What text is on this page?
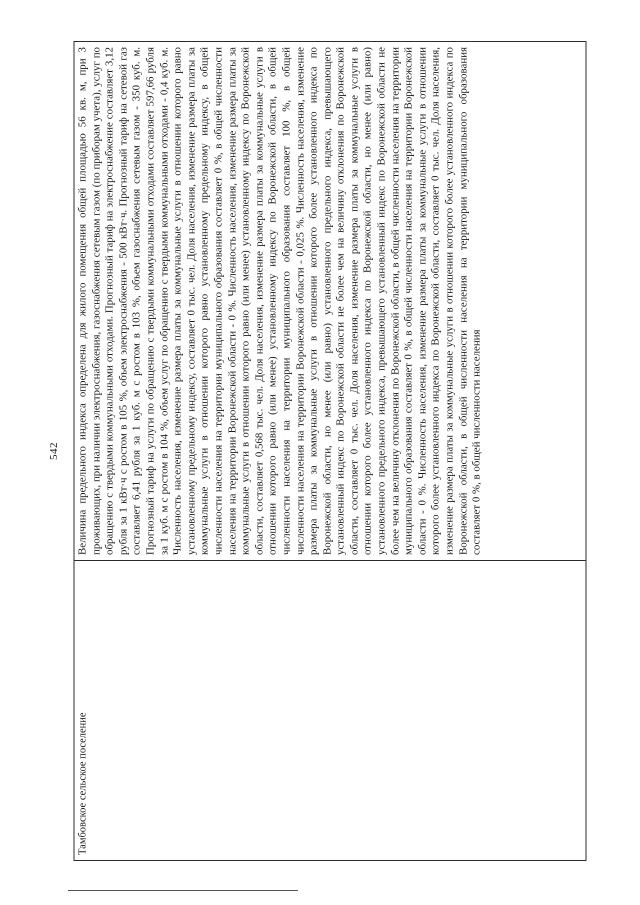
542
Тамбовское сельское поселение
Величина предельного индекса определена для жилого помещения общей площадью 56 кв. м, при 3 проживающих, при наличии электроснабжения, газоснабжения сетевым газом (по приборам учета), услуг по обращению с твердыми коммунальными отходами. Прогнозный тариф на электроснабжение составляет 3,12 рубля за 1 кВт·ч с ростом в 105 %, объем электроснабжения - 500 кВт·ч. Прогнозный тариф на сетевой газ составляет 6,41 рубля за 1 куб. м с ростом в 103 %, объем газоснабжения сетевым газом - 350 куб. м. Прогнозный тариф на услуги по обращению с твердыми коммунальными отходами составляет 597,66 рубля за 1 куб. м с ростом в 104 %, объем услуг по обращению с твердыми коммунальными отходами - 0,4 куб. м. Численность населения, изменение размера платы за коммунальные услуги в отношении которого равно установленному предельному индексу, составляет 0 тыс. чел. Доля населения, изменение размера платы за коммунальные услуги в отношении которого равно установленному предельному индексу, в общей численности населения на территории муниципального образования составляет 0 %, в общей численности населения на территории Воронежской области - 0 %. Численность населения, изменение размера платы за коммунальные услуги в отношении которого равно (или менее) установленному индексу по Воронежской области, составляет 0,568 тыс. чел. Доля населения, изменение размера платы за коммунальные услуги в отношении которого равно (или менее) установленному индексу по Воронежской области, в общей численности населения на территории муниципального образования составляет 100 %, в общей численности населения на территории Воронежской области - 0,025 %. Численность населения, изменение размера платы за коммунальные услуги в отношении которого более установленного индекса по Воронежской области, но менее (или равно) установленного предельного индекса, превышающего установленный индекс по Воронежской области не более чем на величину отклонения по Воронежской области, составляет 0 тыс. чел. Доля населения, изменение размера платы за коммунальные услуги в отношении которого более установленного индекса по Воронежской области, но менее (или равно) установленного предельного индекса, превышающего установленный индекс по Воронежской области не более чем на величину отклонения по Воронежской области, в общей численности населения на территории муниципального образования составляет 0 %, в общей численности населения на территории Воронежской области - 0 %. Численность населения, изменение размера платы за коммунальные услуги в отношении которого более установленного индекса по Воронежской области, составляет 0 тыс. чел. Доля населения, изменение размера платы за коммунальные услуги в отношении которого более установленного индекса по Воронежской области, в общей численности населения на территории муниципального образования составляет 0 %, в общей численности населения
